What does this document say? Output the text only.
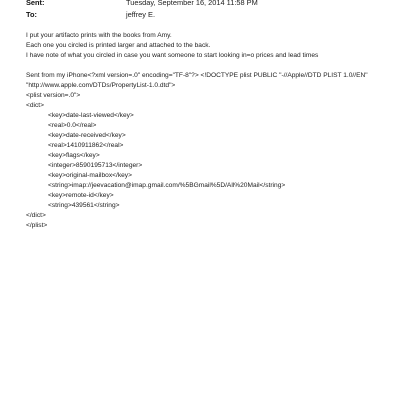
Sent:	Tuesday, September 16, 2014 11:58 PM
To:	jeffrey E.
I put your artifacto prints with the books from Amy.
Each one you circled is printed larger and attached to the back.
I have note of what you circled in case you want someone to start looking in=o prices and lead times
Sent from my iPhone<?xml version=.0" encoding="TF-8"?> <!DOCTYPE plist PUBLIC "-//Apple//DTD PLIST 1.0//EN"
"http://www.apple.com/DTDs/PropertyList-1.0.dtd">
<plist version=.0">
<dict>
<key>date-last-viewed</key>
<real>0.0</real>
<key>date-received</key>
<real>1410911862</real>
<key>flags</key>
<integer>8590195713</integer>
<key>original-mailbox</key>
<string>imap://jeevacation@imap.gmail.com/%5BGmail%5D/All%20Mail</string>
<key>remote-id</key>
<string>439561</string>
</dict>
</plist>
